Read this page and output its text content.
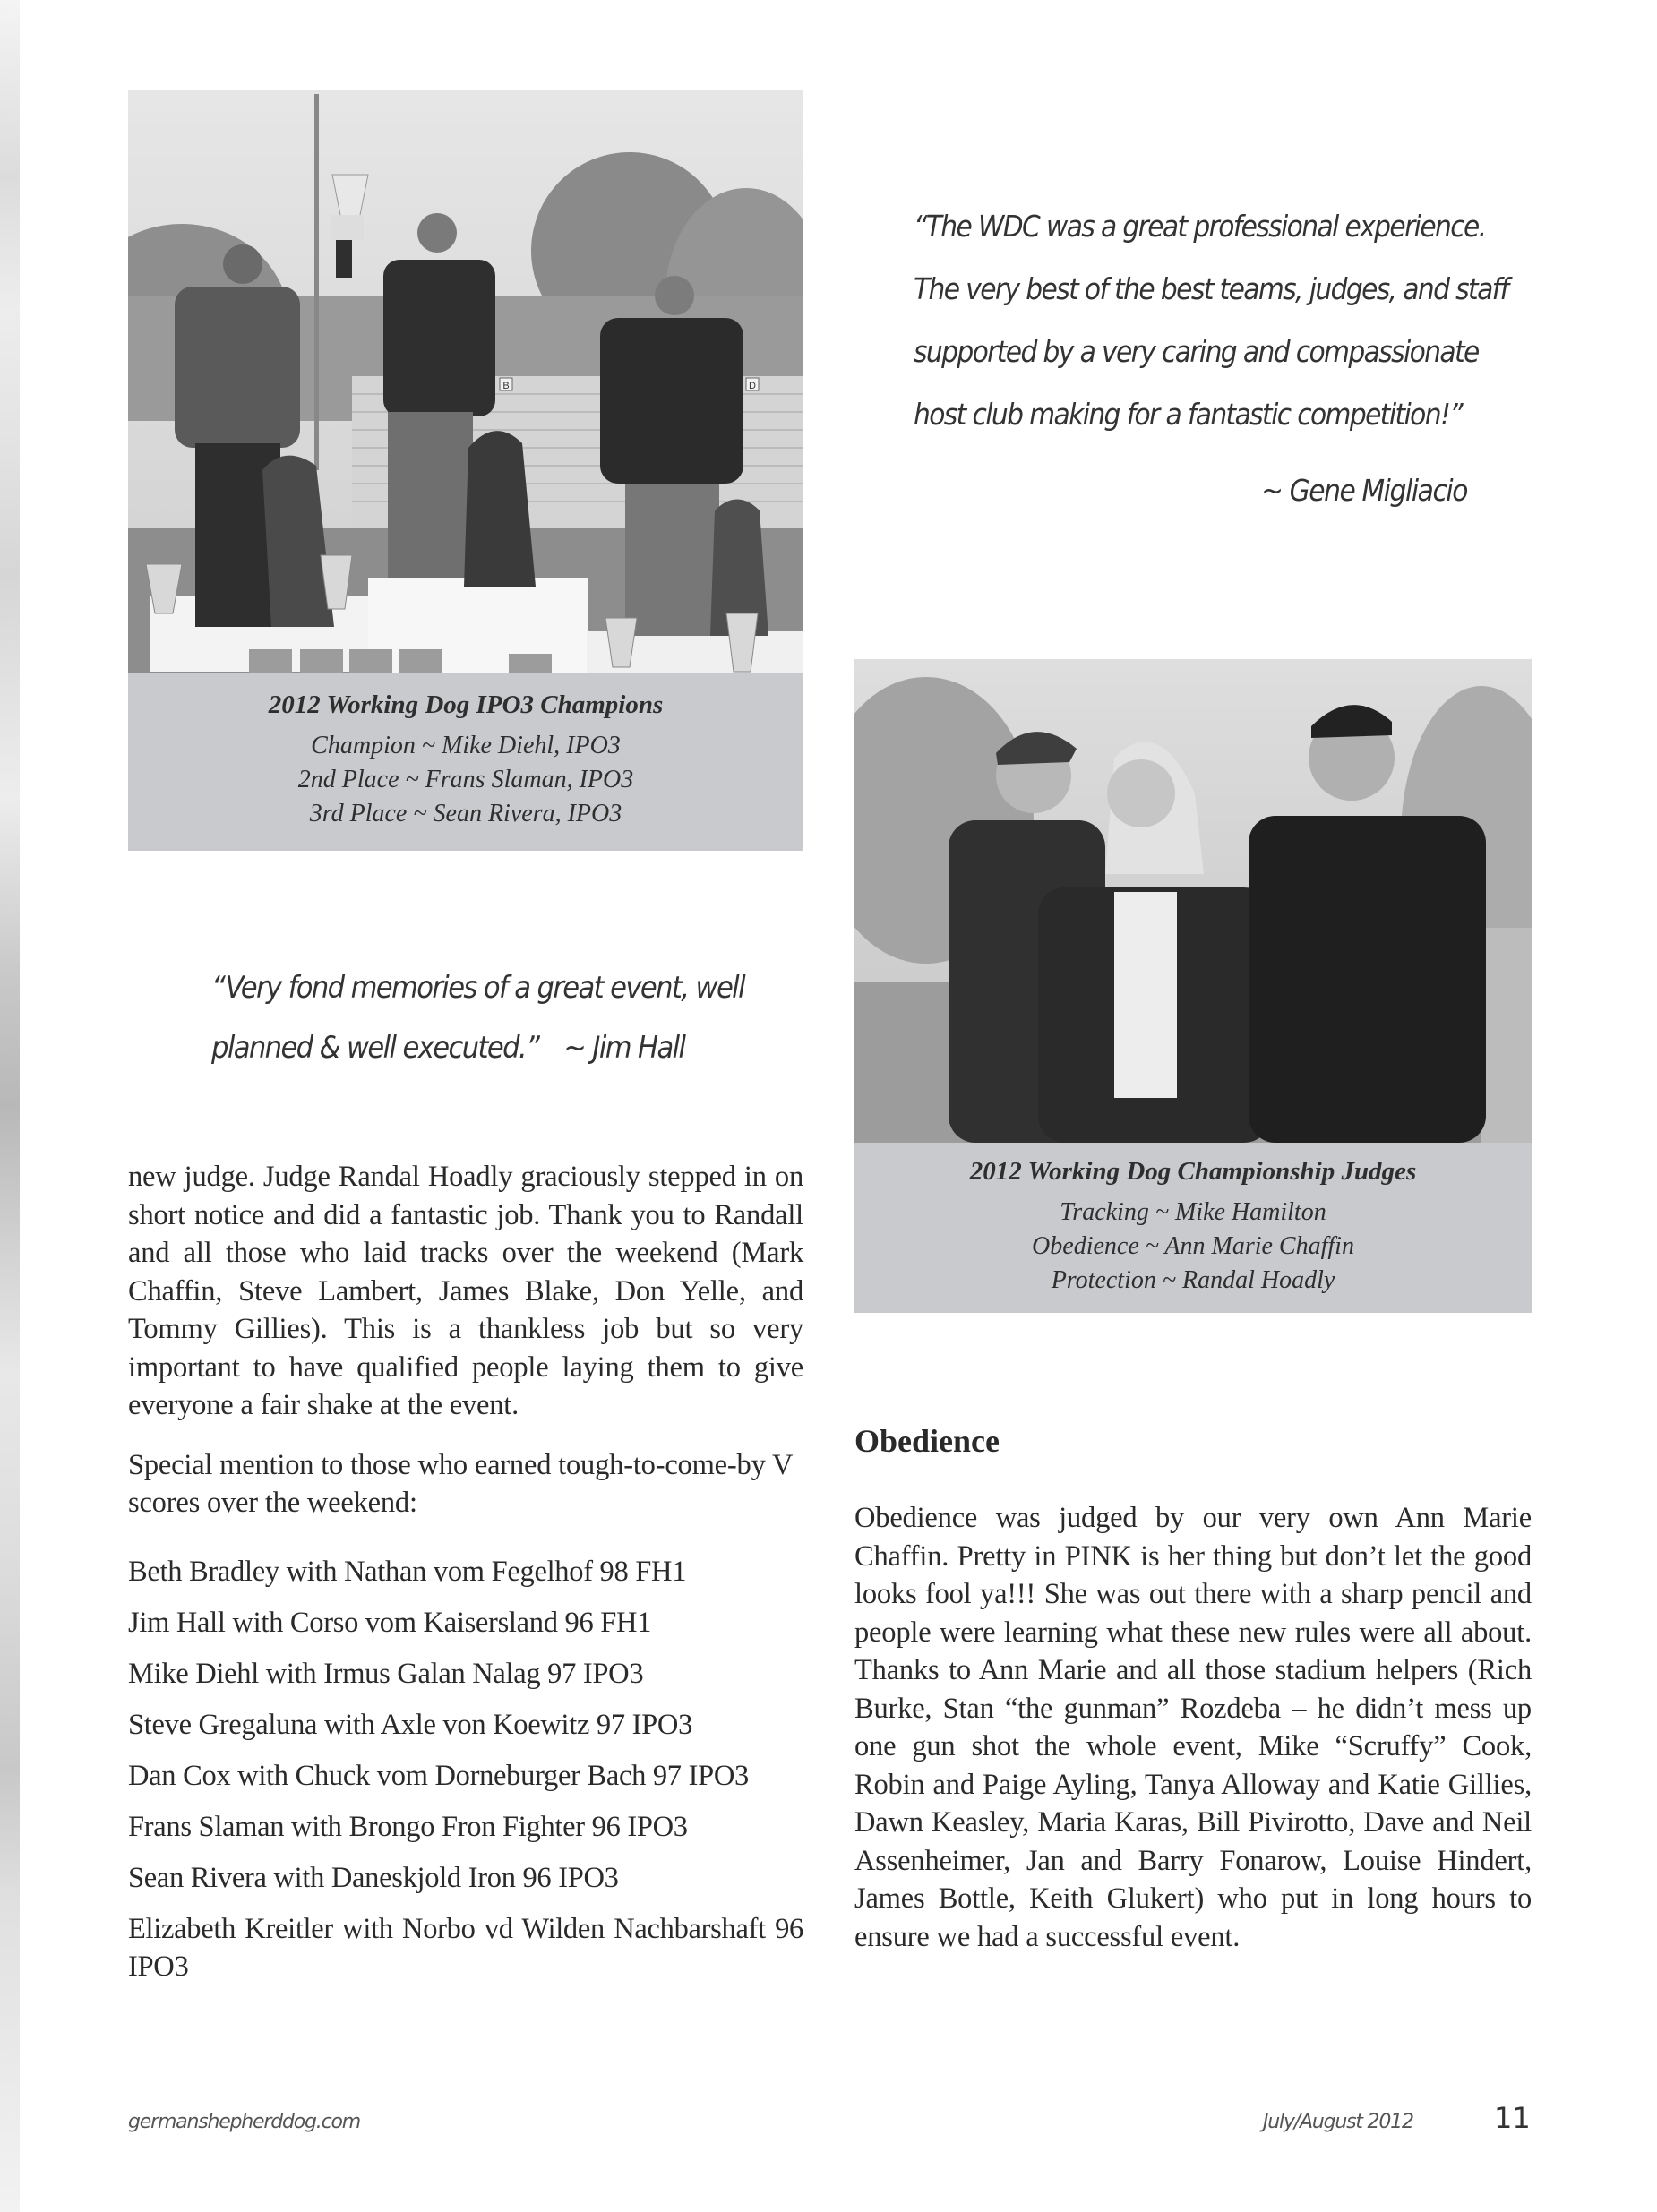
B	D
2012 Working Dog IPO3 Champions
Champion ~ Mike Diehl, IPO3
2nd Place ~ Frans Slaman, IPO3
3rd Place ~ Sean Rivera, IPO3
“The WDC was a great professional experience.
The very best of the best teams, judges, and staff
supported by a very caring and compassionate
host club making for a fantastic competition!”
~ Gene Migliacio
2012 Working Dog Championship Judges
Tracking ~ Mike Hamilton
Obedience ~ Ann Marie Chaffin
Protection ~ Randal Hoadly
“Very fond memories of a great event, well
planned & well executed.” ~ Jim Hall

new judge. Judge Randal Hoadly graciously stepped in on short notice and did a fantastic job. Thank you to Randall and all those who laid tracks over the weekend (Mark Chaffin, Steve Lambert, James Blake, Don Yelle, and Tommy Gillies). This is a thankless job but so very important to have qualified people laying them to give everyone a fair shake at the event.

Special mention to those who earned tough-to-come-by V scores over the weekend:

Beth Bradley with Nathan vom Fegelhof 98 FH1
Jim Hall with Corso vom Kaisersland 96 FH1
Mike Diehl with Irmus Galan Nalag 97 IPO3
Steve Gregaluna with Axle von Koewitz 97 IPO3
Dan Cox with Chuck vom Dorneburger Bach 97 IPO3
Frans Slaman with Brongo Fron Fighter 96 IPO3
Sean Rivera with Daneskjold Iron 96 IPO3
Elizabeth Kreitler with Norbo vd Wilden Nachbarshaft 96 IPO3
Obedience

Obedience was judged by our very own Ann Marie Chaffin. Pretty in PINK is her thing but don’t let the good looks fool ya!!! She was out there with a sharp pencil and people were learning what these new rules were all about. Thanks to Ann Marie and all those stadium helpers (Rich Burke, Stan “the gunman” Rozdeba – he didn’t mess up one gun shot the whole event, Mike “Scruffy” Cook, Robin and Paige Ayling, Tanya Alloway and Katie Gillies, Dawn Keasley, Maria Karas, Bill Pivirotto, Dave and Neil Assenheimer, Jan and Barry Fonarow, Louise Hindert, James Bottle, Keith Glukert) who put in long hours to ensure we had a successful event.

germanshepherddog.com	July/August 2012	11
